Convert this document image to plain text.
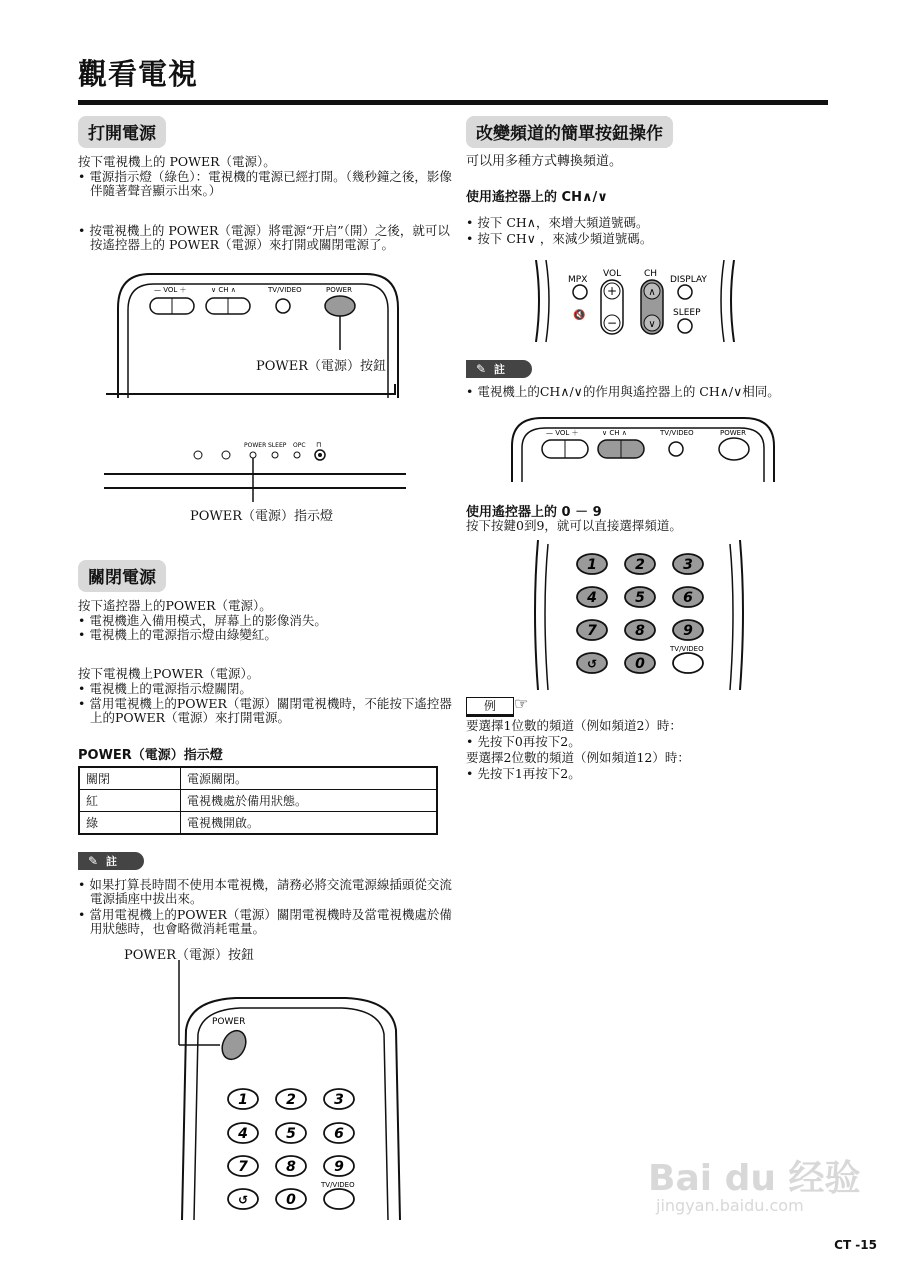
觀看電視
打開電源
按下電視機上的 POWER（電源）。
• 電源指示燈（綠色）：電視機的電源已經打開。（幾秒鐘之後，影像伴隨著聲音顯示出來。）
• 按電視機上的 POWER（電源）將電源“开启”（開）之後，就可以按遙控器上的 POWER（電源）來打開或關閉電源了。
— VOL ＋	∨ CH ∧	TV/VIDEO	POWER
POWER（電源）按鈕
POWER SLEEP OPC ⊓
POWER（電源）指示燈
關閉電源
按下遙控器上的POWER（電源）。
• 電視機進入備用模式，屏幕上的影像消失。
• 電視機上的電源指示燈由綠變紅。
按下電視機上POWER（電源）。
• 電視機上的電源指示燈關閉。
• 當用電視機上的POWER（電源）關閉電視機時，不能按下遙控器上的POWER（電源）來打開電源。
POWER（電源）指示燈
關閉	電源關閉。
紅	電視機處於備用狀態。
綠	電視機開啟。
✎ 註
• 如果打算長時間不使用本電視機，請務必將交流電源線插頭從交流電源插座中拔出來。
• 當用電視機上的POWER（電源）關閉電視機時及當電視機處於備用狀態時，也會略微消耗電量。
POWER（電源）按鈕
POWER
1	2	3
4	5	6
7	8	9
↺	0
TV/VIDEO
改變頻道的簡單按鈕操作
可以用多種方式轉換頻道。
使用遙控器上的 CH∧/∨
• 按下 CH∧，來增大頻道號碼。
• 按下 CH∨ ，來減少頻道號碼。
MPX
🔇
VOL
+
−
CH
∧
∨
DISPLAY
SLEEP
✎ 註
• 電視機上的CH∧/∨的作用與遙控器上的 CH∧/∨相同。
— VOL ＋	∨ CH ∧	TV/VIDEO	POWER
使用遙控器上的 0 － 9
按下按鍵0到9，就可以直接選擇頻道。
1	2	3
4	5	6
7	8	9
↺	0
TV/VIDEO
例	☞
要選擇1位數的頻道（例如頻道2）時：
• 先按下0再按下2。
要選擇2位數的頻道（例如頻道12）時：
• 先按下1再按下2。
Bai du 经验
jingyan.baidu.com
CT -15
